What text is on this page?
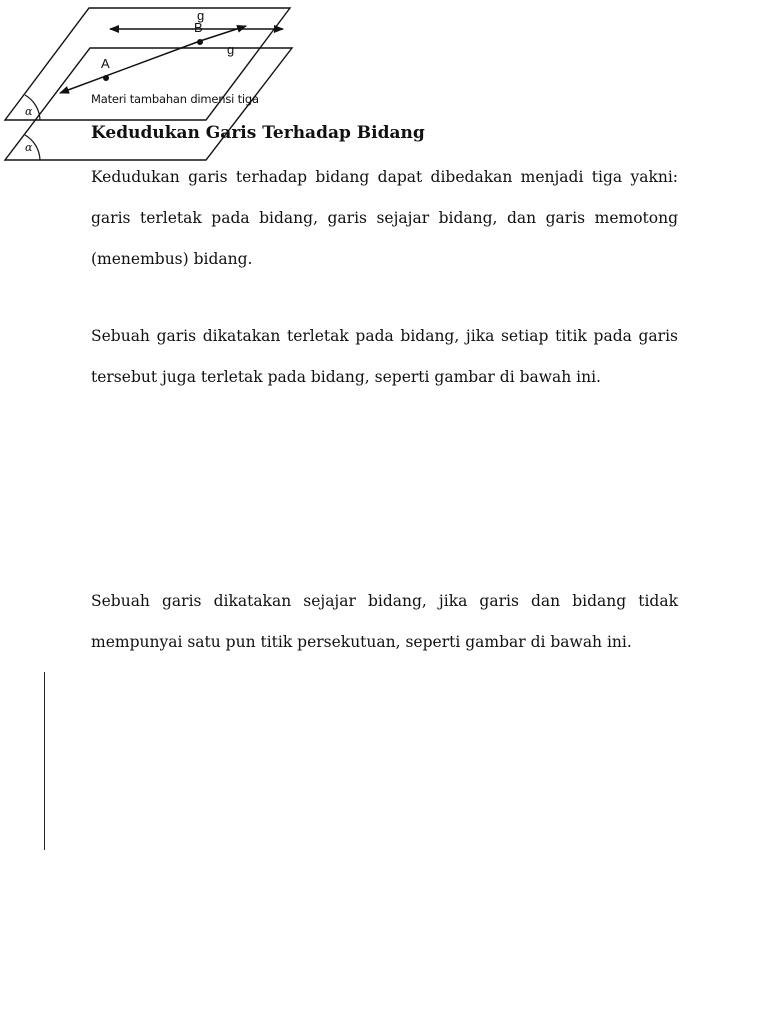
Materi tambahan dimensi tiga
Kedudukan Garis Terhadap Bidang
Kedudukan garis terhadap bidang dapat dibedakan menjadi tiga yakni:
garis terletak pada bidang, garis sejajar bidang, dan garis memotong
(menembus) bidang.
Sebuah garis dikatakan terletak pada bidang, jika setiap titik pada garis
tersebut juga terletak pada bidang, seperti gambar di bawah ini.
α
A
B
g
Sebuah garis dikatakan sejajar bidang, jika garis dan bidang tidak
mempunyai satu pun titik persekutuan, seperti gambar di bawah ini.
g
α
